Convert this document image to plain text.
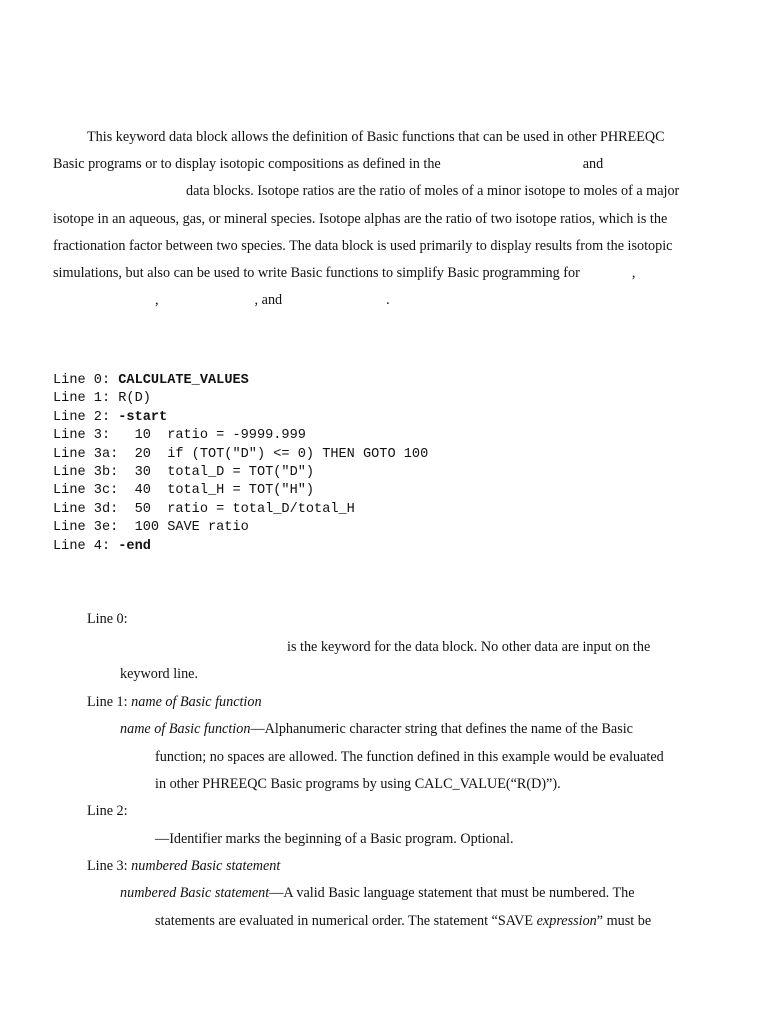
This keyword data block allows the definition of Basic functions that can be used in other PHREEQC
Basic programs or to display isotopic compositions as defined in the	and
data blocks. Isotope ratios are the ratio of moles of a minor isotope to moles of a major
isotope in an aqueous, gas, or mineral species. Isotope alphas are the ratio of two isotope ratios, which is the
fractionation factor between two species. The data block is used primarily to display results from the isotopic
simulations, but also can be used to write Basic functions to simplify Basic programming for	,
,	, and	.

Line 0: CALCULATE_VALUES
Line 1: R(D)
Line 2: -start
Line 3:   10  ratio = -9999.999
Line 3a:  20  if (TOT("D") <= 0) THEN GOTO 100
Line 3b:  30  total_D = TOT("D")
Line 3c:  40  total_H = TOT("H")
Line 3d:  50  ratio = total_D/total_H
Line 3e:  100 SAVE ratio
Line 4: -end
Line 0:
is the keyword for the data block. No other data are input on the
keyword line.
Line 1: name of Basic function
name of Basic function—Alphanumeric character string that defines the name of the Basic
function; no spaces are allowed. The function defined in this example would be evaluated
in other PHREEQC Basic programs by using CALC_VALUE(“R(D)”).
Line 2:
—Identifier marks the beginning of a Basic program. Optional.
Line 3: numbered Basic statement
numbered Basic statement—A valid Basic language statement that must be numbered. The
statements are evaluated in numerical order. The statement “SAVE expression” must be
